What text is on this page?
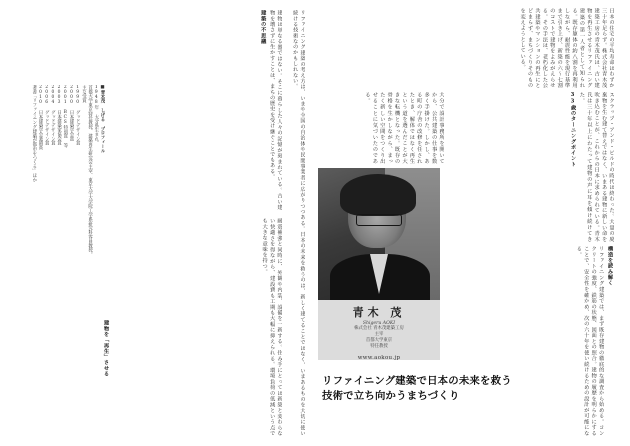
■青木茂 しげる プロフィール
1948年 大分県生まれ。
首都大学東京特任教授、建築再生研究会主宰、東京大学大学院工学系研究科客員教授。
主な受賞
1990 グッドデザイン賞
2000 日本建築学会賞
2001 BCS特別賞 等
2003 日本建築家協会賞
2004 グッドデザイン賞
2006 グッドデザイン賞
2010 日本建築学会業績賞
著書「リファイニング建築が都市をつくる」ほか	建物は単なる器ではない。そこに暮らした人々の記憶が刻まれている。古い建物を壊さずに生かすことは、まちの歴史を受け継ぐことでもある。

建築の不思議

耐震補強と同時に、外観や内装、設備を一新する。住み手にとっては新築と変わらない快適さを得ながら、建設費も工期も大幅に抑えられる。環境負荷の低減という点でも大きな意味を持つ。

建物を「再生」させる	リファイニング建築の考え方は、いまや全国の自治体や民間事業者に広がりつつある。日本の未来を救うのは、新しく建てることではなく、いまあるものを大切に使い続ける技術なのかもしれない。	日本の住宅の平均寿命はわずか三十年足らず。株式会社青木茂建築工房の青木茂氏は、古い建物を再生させるリファイニング建築の第一人者として知られる。既存躯体の約八割を再利用しながら、耐震性能を現行基準まで引き上げ、新築の六〜七割のコストで建物をよみがえらせる。その手法は、老朽化した公共建築やマンションの再生にとどまらず、まちづくりそのものを変えようとしている。

スクラップ・アンド・ビルドの時代は終わった。大量の廃棄物を生む建て替えではなく、いまある建物に新しい命を吹き込むことが、これからの日本に求められている。青木氏は三十年以上にわたって建物の声に耳を傾け続けてきた。

33歳のターニングポイント

大分で設計事務所を開いてから、公共建築の仕事を数多く手掛けた。しかし、ある町の庁舎の改修を任されたとき、解体ではなく再生という道を選んだことが大きな転機となった。既存の骨格を生かしながら、まったく新しい空間をつくり出せることに気づいたのである。

構造を読み解く

リファイニング建築では、まず既存建物の徹底的な調査から始める。コンクリートの強度、鉄筋の状態、図面との照合。建物の履歴を明らかにすることで、安全性を確かめ、次の六十年を使い続けるための設計が可能になる。

青木 茂
Shigeru AOKI
株式会社 青木茂建築工房
主宰
首都大学東京
特任教授
www.aokou.jp
リファイニング建築で日本の未来を救う
技術で立ち向かうまちづくり
